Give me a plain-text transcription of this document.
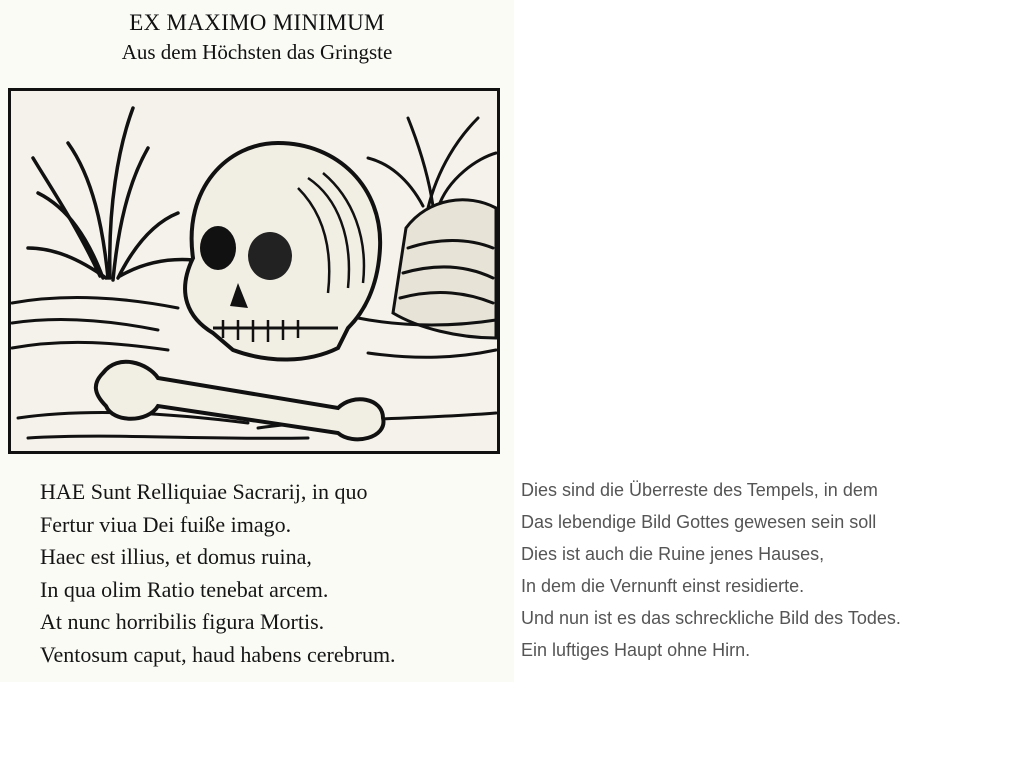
EX MAXIMO MINIMUM
Aus dem Höchsten das Gringste
HAE Sunt Relliquiae Sacrarij, in quo
Fertur viua Dei fuiße imago.
Haec est illius, et domus ruina,
In qua olim Ratio tenebat arcem.
At nunc horribilis figura Mortis.
Ventosum caput, haud habens cerebrum.
Dies sind die Überreste des Tempels, in dem
Das lebendige Bild Gottes gewesen sein soll
Dies ist auch die Ruine jenes Hauses,
In dem die Vernunft einst residierte.
Und nun ist es das schreckliche Bild des Todes.
Ein luftiges Haupt ohne Hirn.
